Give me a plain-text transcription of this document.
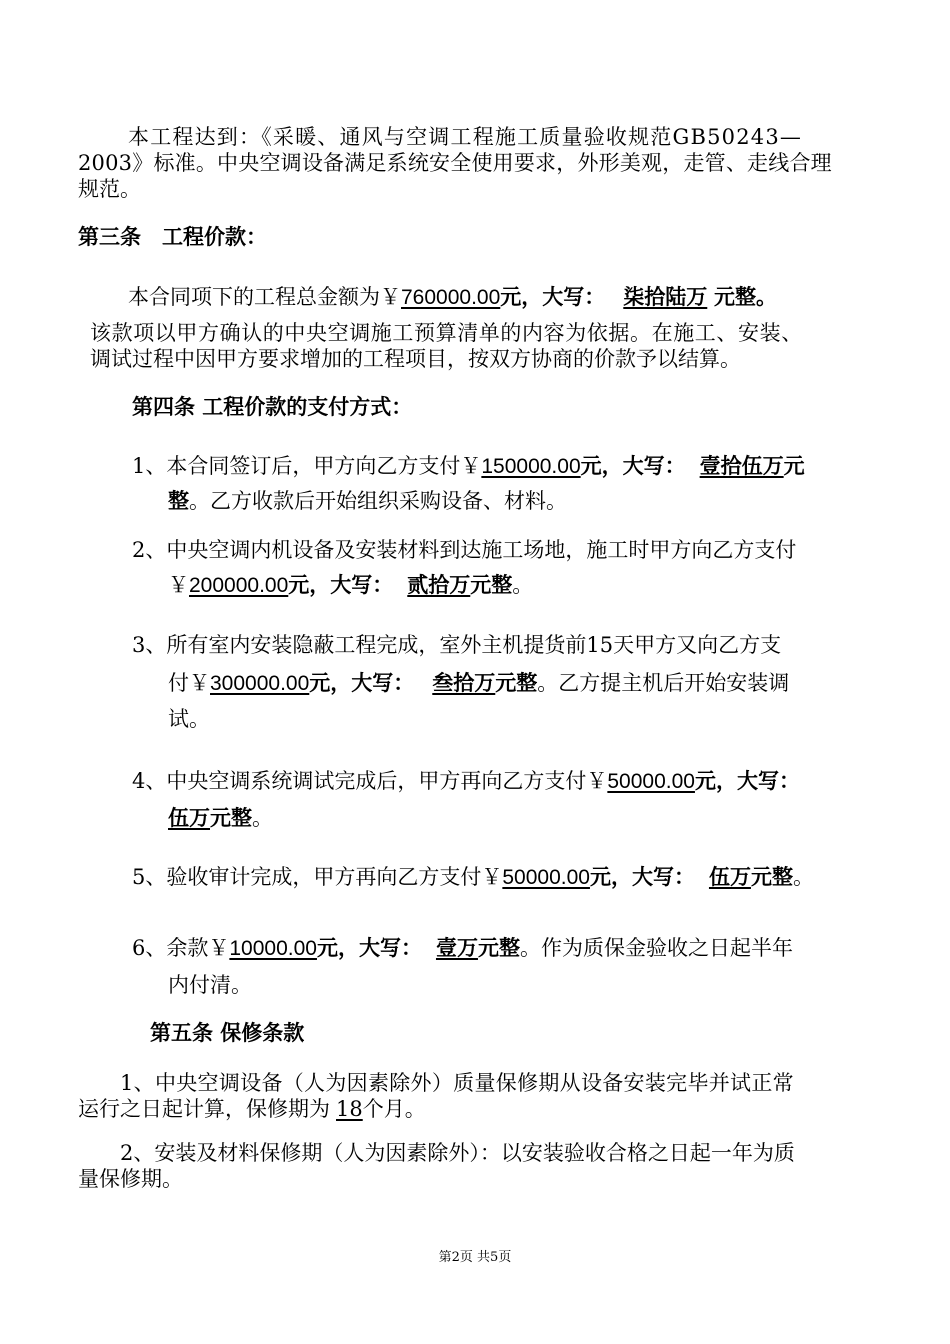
本工程达到：《采暖、通风与空调工程施工质量验收规范GB50243—
2003》标准。中央空调设备满足系统安全使用要求，外形美观，走管、走线合理
规范。
第三条　工程价款：
本合同项下的工程总金额为￥760000.00元，大写： 柒拾陆万 元整。
该款项以甲方确认的中央空调施工预算清单的内容为依据。在施工、安装、
调试过程中因甲方要求增加的工程项目，按双方协商的价款予以结算。
第四条 工程价款的支付方式：
1、本合同签订后，甲方向乙方支付￥150000.00元，大写： 壹拾伍万元
整。乙方收款后开始组织采购设备、材料。
2、中央空调内机设备及安装材料到达施工场地，施工时甲方向乙方支付
￥200000.00元，大写： 贰拾万元整。
3、所有室内安装隐蔽工程完成，室外主机提货前15天甲方又向乙方支
付￥300000.00元，大写： 叁拾万元整。乙方提主机后开始安装调
试。
4、中央空调系统调试完成后，甲方再向乙方支付￥50000.00元，大写：
伍万元整。
5、验收审计完成，甲方再向乙方支付￥50000.00元，大写： 伍万元整。
6、余款￥10000.00元，大写： 壹万元整。作为质保金验收之日起半年
内付清。
第五条 保修条款
1、中央空调设备（人为因素除外）质量保修期从设备安装完毕并试正常
运行之日起计算，保修期为 18个月。
2、安装及材料保修期（人为因素除外）：以安装验收合格之日起一年为质
量保修期。
第2页 共5页
